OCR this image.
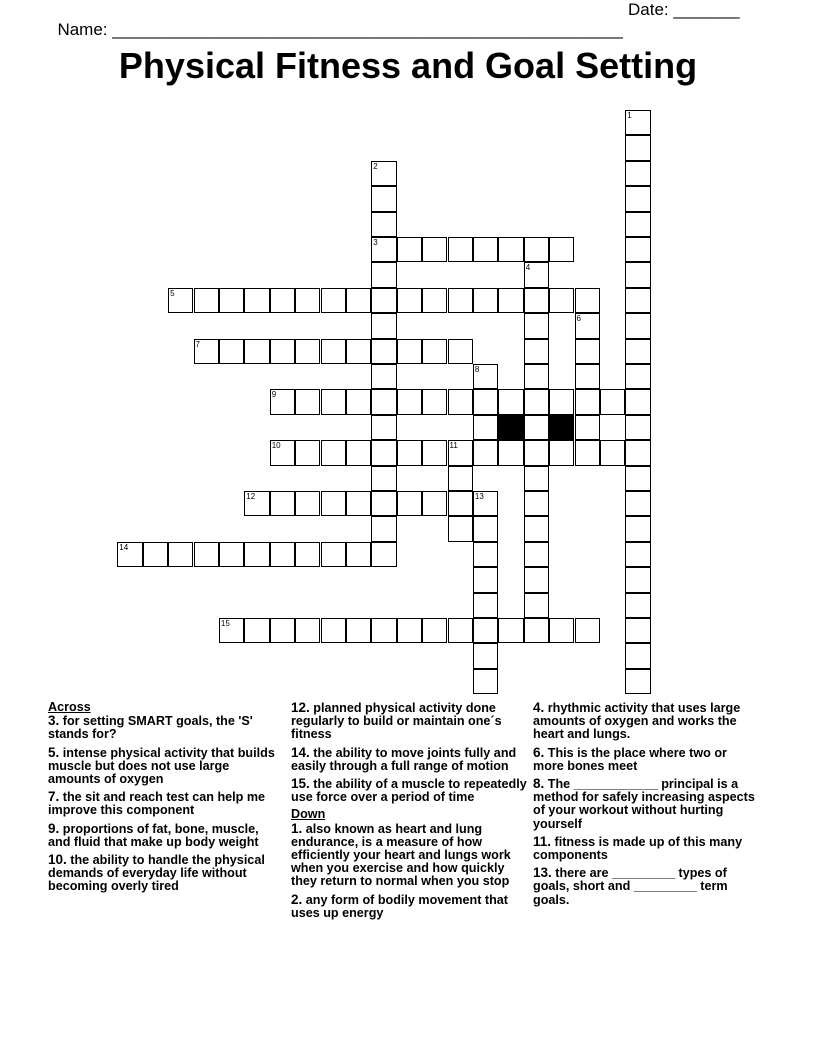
Name: ______________________________________________________

Date: _______

Physical Fitness and Goal Setting
1
2
3
4
5
6
7
8
9
10	11
12	13
14
15
Across
3. for setting SMART goals, the 'S' stands for?
5. intense physical activity that builds muscle but does not use large amounts of oxygen
7. the sit and reach test can help me improve this component
9. proportions of fat, bone, muscle, and fluid that make up body weight
10. the ability to handle the physical demands of everyday life without becoming overly tired
12. planned physical activity done regularly to build or maintain one´s fitness
14. the ability to move joints fully and easily through a full range of motion
15. the ability of a muscle to repeatedly use force over a period of time
Down
1. also known as heart and lung endurance, is a measure of how efficiently your heart and lungs work when you exercise and how quickly they return to normal when you stop
2. any form of bodily movement that uses up energy
4. rhythmic activity that uses large amounts of oxygen and works the heart and lungs.
6. This is the place where two or more bones meet
8. The ____________ principal is a method for safely increasing aspects of your workout without hurting yourself
11. fitness is made up of this many components
13. there are _________ types of goals, short and _________ term goals.
